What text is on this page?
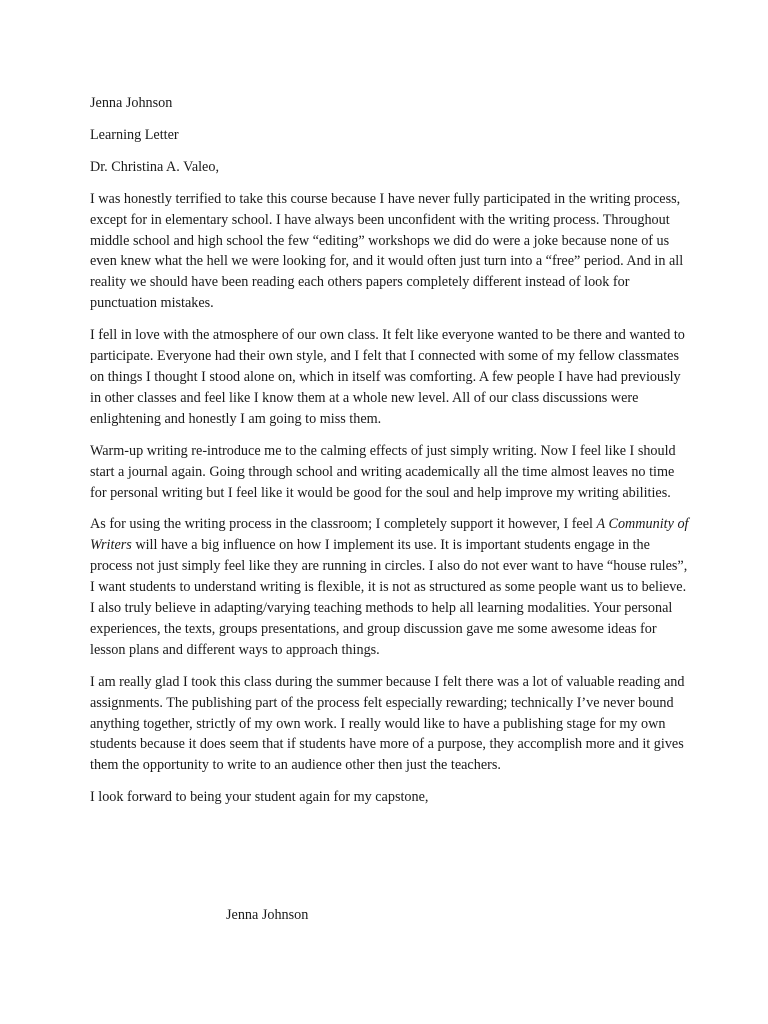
Jenna Johnson

Learning Letter

Dr. Christina A. Valeo,

I was honestly terrified to take this course because I have never fully participated in the writing process, except for in elementary school. I have always been unconfident with the writing process. Throughout middle school and high school the few “editing” workshops we did do were a joke because none of us even knew what the hell we were looking for, and it would often just turn into a “free” period. And in all reality we should have been reading each others papers completely different instead of look for punctuation mistakes.

I fell in love with the atmosphere of our own class. It felt like everyone wanted to be there and wanted to participate. Everyone had their own style, and I felt that I connected with some of my fellow classmates on things I thought I stood alone on, which in itself was comforting. A few people I have had previously in other classes and feel like I know them at a whole new level. All of our class discussions were enlightening and honestly I am going to miss them.

Warm-up writing re-introduce me to the calming effects of just simply writing. Now I feel like I should start a journal again. Going through school and writing academically all the time almost leaves no time for personal writing but I feel like it would be good for the soul and help improve my writing abilities.

As for using the writing process in the classroom; I completely support it however, I feel A Community of Writers will have a big influence on how I implement its use. It is important students engage in the process not just simply feel like they are running in circles. I also do not ever want to have “house rules”, I want students to understand writing is flexible, it is not as structured as some people want us to believe. I also truly believe in adapting/varying teaching methods to help all learning modalities. Your personal experiences, the texts, groups presentations, and group discussion gave me some awesome ideas for lesson plans and different ways to approach things.

I am really glad I took this class during the summer because I felt there was a lot of valuable reading and assignments. The publishing part of the process felt especially rewarding; technically I’ve never bound anything together, strictly of my own work. I really would like to have a publishing stage for my own students because it does seem that if students have more of a purpose, they accomplish more and it gives them the opportunity to write to an audience other then just the teachers.

I look forward to being your student again for my capstone,

Jenna Johnson
